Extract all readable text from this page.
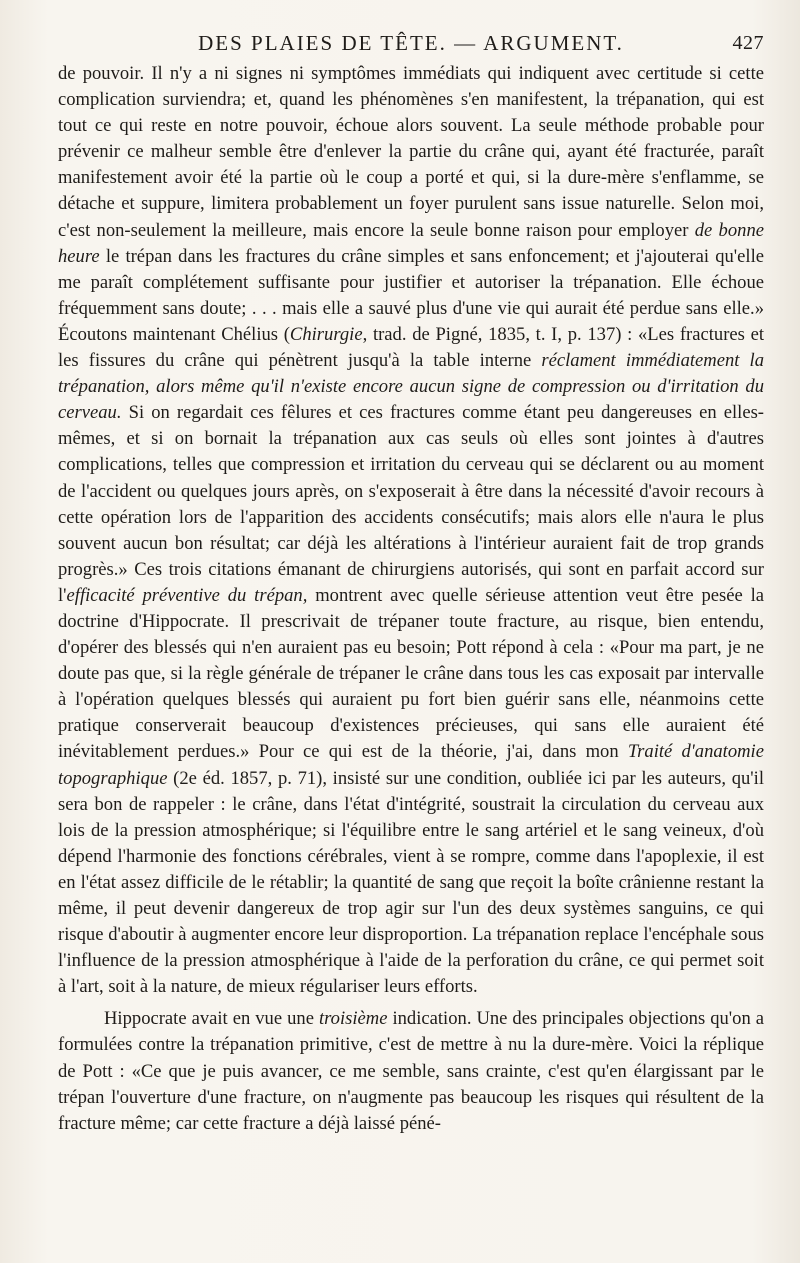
DES PLAIES DE TÊTE. — ARGUMENT.	427

de pouvoir. Il n'y a ni signes ni symptômes immédiats qui indiquent avec certitude si cette complication surviendra; et, quand les phénomènes s'en manifestent, la trépanation, qui est tout ce qui reste en notre pouvoir, échoue alors souvent. La seule méthode probable pour prévenir ce malheur semble être d'enlever la partie du crâne qui, ayant été fracturée, paraît manifestement avoir été la partie où le coup a porté et qui, si la dure-mère s'enflamme, se détache et suppure, limitera probablement un foyer purulent sans issue naturelle. Selon moi, c'est non-seulement la meilleure, mais encore la seule bonne raison pour employer de bonne heure le trépan dans les fractures du crâne simples et sans enfoncement; et j'ajouterai qu'elle me paraît complétement suffisante pour justifier et autoriser la trépanation. Elle échoue fréquemment sans doute; . . . mais elle a sauvé plus d'une vie qui aurait été perdue sans elle.» Écoutons maintenant Chélius (Chirurgie, trad. de Pigné, 1835, t. I, p. 137) : «Les fractures et les fissures du crâne qui pénètrent jusqu'à la table interne réclament immédiatement la trépanation, alors même qu'il n'existe encore aucun signe de compression ou d'irritation du cerveau. Si on regardait ces fêlures et ces fractures comme étant peu dangereuses en elles-mêmes, et si on bornait la trépanation aux cas seuls où elles sont jointes à d'autres complications, telles que compression et irritation du cerveau qui se déclarent ou au moment de l'accident ou quelques jours après, on s'exposerait à être dans la nécessité d'avoir recours à cette opération lors de l'apparition des accidents consécutifs; mais alors elle n'aura le plus souvent aucun bon résultat; car déjà les altérations à l'intérieur auraient fait de trop grands progrès.» Ces trois citations émanant de chirurgiens autorisés, qui sont en parfait accord sur l'efficacité préventive du trépan, montrent avec quelle sérieuse attention veut être pesée la doctrine d'Hippocrate. Il prescrivait de trépaner toute fracture, au risque, bien entendu, d'opérer des blessés qui n'en auraient pas eu besoin; Pott répond à cela : «Pour ma part, je ne doute pas que, si la règle générale de trépaner le crâne dans tous les cas exposait par intervalle à l'opération quelques blessés qui auraient pu fort bien guérir sans elle, néanmoins cette pratique conserverait beaucoup d'existences précieuses, qui sans elle auraient été inévitablement perdues.» Pour ce qui est de la théorie, j'ai, dans mon Traité d'anatomie topographique (2e éd. 1857, p. 71), insisté sur une condition, oubliée ici par les auteurs, qu'il sera bon de rappeler : le crâne, dans l'état d'intégrité, soustrait la circulation du cerveau aux lois de la pression atmosphérique; si l'équilibre entre le sang artériel et le sang veineux, d'où dépend l'harmonie des fonctions cérébrales, vient à se rompre, comme dans l'apoplexie, il est en l'état assez difficile de le rétablir; la quantité de sang que reçoit la boîte crânienne restant la même, il peut devenir dangereux de trop agir sur l'un des deux systèmes sanguins, ce qui risque d'aboutir à augmenter encore leur disproportion. La trépanation replace l'encéphale sous l'influence de la pression atmosphérique à l'aide de la perforation du crâne, ce qui permet soit à l'art, soit à la nature, de mieux régulariser leurs efforts.

Hippocrate avait en vue une troisième indication. Une des principales objections qu'on a formulées contre la trépanation primitive, c'est de mettre à nu la dure-mère. Voici la réplique de Pott : «Ce que je puis avancer, ce me semble, sans crainte, c'est qu'en élargissant par le trépan l'ouverture d'une fracture, on n'augmente pas beaucoup les risques qui résultent de la fracture même; car cette fracture a déjà laissé péné-
